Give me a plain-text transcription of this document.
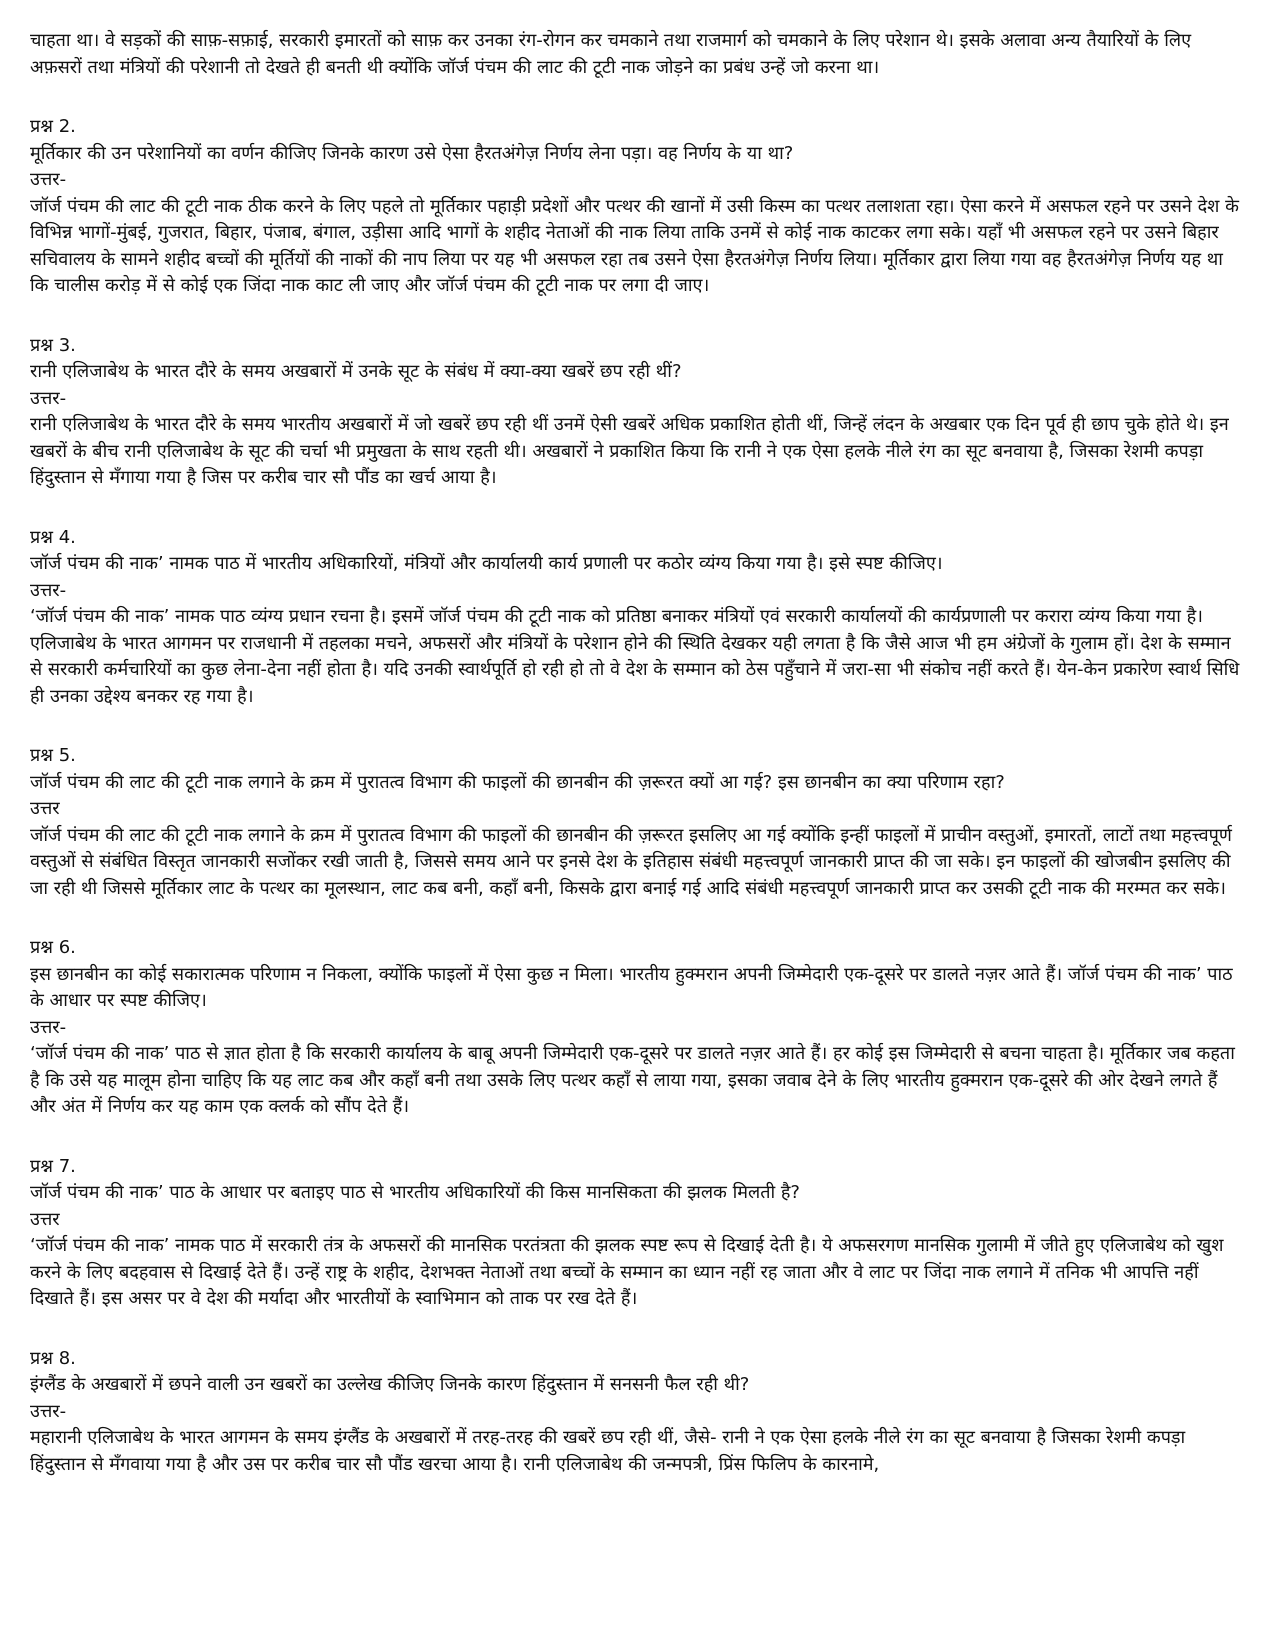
चाहता था। वे सड़कों की साफ़-सफ़ाई, सरकारी इमारतों को साफ़ कर उनका रंग-रोगन कर चमकाने तथा राजमार्ग को चमकाने के लिए परेशान थे। इसके अलावा अन्य तैयारियों के लिए अफ़सरों तथा मंत्रियों की परेशानी तो देखते ही बनती थी क्योंकि जॉर्ज पंचम की लाट की टूटी नाक जोड़ने का प्रबंध उन्हें जो करना था।

प्रश्न 2.
मूर्तिकार की उन परेशानियों का वर्णन कीजिए जिनके कारण उसे ऐसा हैरतअंगेज़ निर्णय लेना पड़ा। वह निर्णय के या था?
उत्तर-
जॉर्ज पंचम की लाट की टूटी नाक ठीक करने के लिए पहले तो मूर्तिकार पहाड़ी प्रदेशों और पत्थर की खानों में उसी किस्म का पत्थर तलाशता रहा। ऐसा करने में असफल रहने पर उसने देश के विभिन्न भागों-मुंबई, गुजरात, बिहार, पंजाब, बंगाल, उड़ीसा आदि भागों के शहीद नेताओं की नाक लिया ताकि उनमें से कोई नाक काटकर लगा सके। यहाँ भी असफल रहने पर उसने बिहार सचिवालय के सामने शहीद बच्चों की मूर्तियों की नाकों की नाप लिया पर यह भी असफल रहा तब उसने ऐसा हैरतअंगेज़ निर्णय लिया। मूर्तिकार द्वारा लिया गया वह हैरतअंगेज़ निर्णय यह था कि चालीस करोड़ में से कोई एक जिंदा नाक काट ली जाए और जॉर्ज पंचम की टूटी नाक पर लगा दी जाए।
प्रश्न 3.
रानी एलिजाबेथ के भारत दौरे के समय अखबारों में उनके सूट के संबंध में क्या-क्या खबरें छप रही थीं?
उत्तर-
रानी एलिजाबेथ के भारत दौरे के समय भारतीय अखबारों में जो खबरें छप रही थीं उनमें ऐसी खबरें अधिक प्रकाशित होती थीं, जिन्हें लंदन के अखबार एक दिन पूर्व ही छाप चुके होते थे। इन खबरों के बीच रानी एलिजाबेथ के सूट की चर्चा भी प्रमुखता के साथ रहती थी। अखबारों ने प्रकाशित किया कि रानी ने एक ऐसा हलके नीले रंग का सूट बनवाया है, जिसका रेशमी कपड़ा हिंदुस्तान से मँगाया गया है जिस पर करीब चार सौ पौंड का खर्च आया है।
प्रश्न 4.
जॉर्ज पंचम की नाक’ नामक पाठ में भारतीय अधिकारियों, मंत्रियों और कार्यालयी कार्य प्रणाली पर कठोर व्यंग्य किया गया है। इसे स्पष्ट कीजिए।
उत्तर-
‘जॉर्ज पंचम की नाक’ नामक पाठ व्यंग्य प्रधान रचना है। इसमें जॉर्ज पंचम की टूटी नाक को प्रतिष्ठा बनाकर मंत्रियों एवं सरकारी कार्यालयों की कार्यप्रणाली पर करारा व्यंग्य किया गया है। एलिजाबेथ के भारत आगमन पर राजधानी में तहलका मचने, अफसरों और मंत्रियों के परेशान होने की स्थिति देखकर यही लगता है कि जैसे आज भी हम अंग्रेजों के गुलाम हों। देश के सम्मान से सरकारी कर्मचारियों का कुछ लेना-देना नहीं होता है। यदि उनकी स्वार्थपूर्ति हो रही हो तो वे देश के सम्मान को ठेस पहुँचाने में जरा-सा भी संकोच नहीं करते हैं। येन-केन प्रकारेण स्वार्थ सिधि ही उनका उद्देश्य बनकर रह गया है।
प्रश्न 5.
जॉर्ज पंचम की लाट की टूटी नाक लगाने के क्रम में पुरातत्व विभाग की फाइलों की छानबीन की ज़रूरत क्यों आ गई? इस छानबीन का क्या परिणाम रहा?
उत्तर
जॉर्ज पंचम की लाट की टूटी नाक लगाने के क्रम में पुरातत्व विभाग की फाइलों की छानबीन की ज़रूरत इसलिए आ गई क्योंकि इन्हीं फाइलों में प्राचीन वस्तुओं, इमारतों, लाटों तथा महत्त्वपूर्ण वस्तुओं से संबंधित विस्तृत जानकारी सजोंकर रखी जाती है, जिससे समय आने पर इनसे देश के इतिहास संबंधी महत्त्वपूर्ण जानकारी प्राप्त की जा सके। इन फाइलों की खोजबीन इसलिए की जा रही थी जिससे मूर्तिकार लाट के पत्थर का मूलस्थान, लाट कब बनी, कहाँ बनी, किसके द्वारा बनाई गई आदि संबंधी महत्त्वपूर्ण जानकारी प्राप्त कर उसकी टूटी नाक की मरम्मत कर सके।
प्रश्न 6.
इस छानबीन का कोई सकारात्मक परिणाम न निकला, क्योंकि फाइलों में ऐसा कुछ न मिला। भारतीय हुक्मरान अपनी जिम्मेदारी एक-दूसरे पर डालते नज़र आते हैं। जॉर्ज पंचम की नाक’ पाठ के आधार पर स्पष्ट कीजिए।
उत्तर-
‘जॉर्ज पंचम की नाक’ पाठ से ज्ञात होता है कि सरकारी कार्यालय के बाबू अपनी जिम्मेदारी एक-दूसरे पर डालते नज़र आते हैं। हर कोई इस जिम्मेदारी से बचना चाहता है। मूर्तिकार जब कहता है कि उसे यह मालूम होना चाहिए कि यह लाट कब और कहाँ बनी तथा उसके लिए पत्थर कहाँ से लाया गया, इसका जवाब देने के लिए भारतीय हुक्मरान एक-दूसरे की ओर देखने लगते हैं और अंत में निर्णय कर यह काम एक क्लर्क को सौंप देते हैं।
प्रश्न 7.
जॉर्ज पंचम की नाक’ पाठ के आधार पर बताइए पाठ से भारतीय अधिकारियों की किस मानसिकता की झलक मिलती है?
उत्तर
‘जॉर्ज पंचम की नाक’ नामक पाठ में सरकारी तंत्र के अफसरों की मानसिक परतंत्रता की झलक स्पष्ट रूप से दिखाई देती है। ये अफसरगण मानसिक गुलामी में जीते हुए एलिजाबेथ को खुश करने के लिए बदहवास से दिखाई देते हैं। उन्हें राष्ट्र के शहीद, देशभक्त नेताओं तथा बच्चों के सम्मान का ध्यान नहीं रह जाता और वे लाट पर जिंदा नाक लगाने में तनिक भी आपत्ति नहीं दिखाते हैं। इस असर पर वे देश की मर्यादा और भारतीयों के स्वाभिमान को ताक पर रख देते हैं।
प्रश्न 8.
इंग्लैंड के अखबारों में छपने वाली उन खबरों का उल्लेख कीजिए जिनके कारण हिंदुस्तान में सनसनी फैल रही थी?
उत्तर-
महारानी एलिजाबेथ के भारत आगमन के समय इंग्लैंड के अखबारों में तरह-तरह की खबरें छप रही थीं, जैसे- रानी ने एक ऐसा हलके नीले रंग का सूट बनवाया है जिसका रेशमी कपड़ा हिंदुस्तान से मँगवाया गया है और उस पर करीब चार सौ पौंड खरचा आया है। रानी एलिजाबेथ की जन्मपत्री, प्रिंस फिलिप के कारनामे,
